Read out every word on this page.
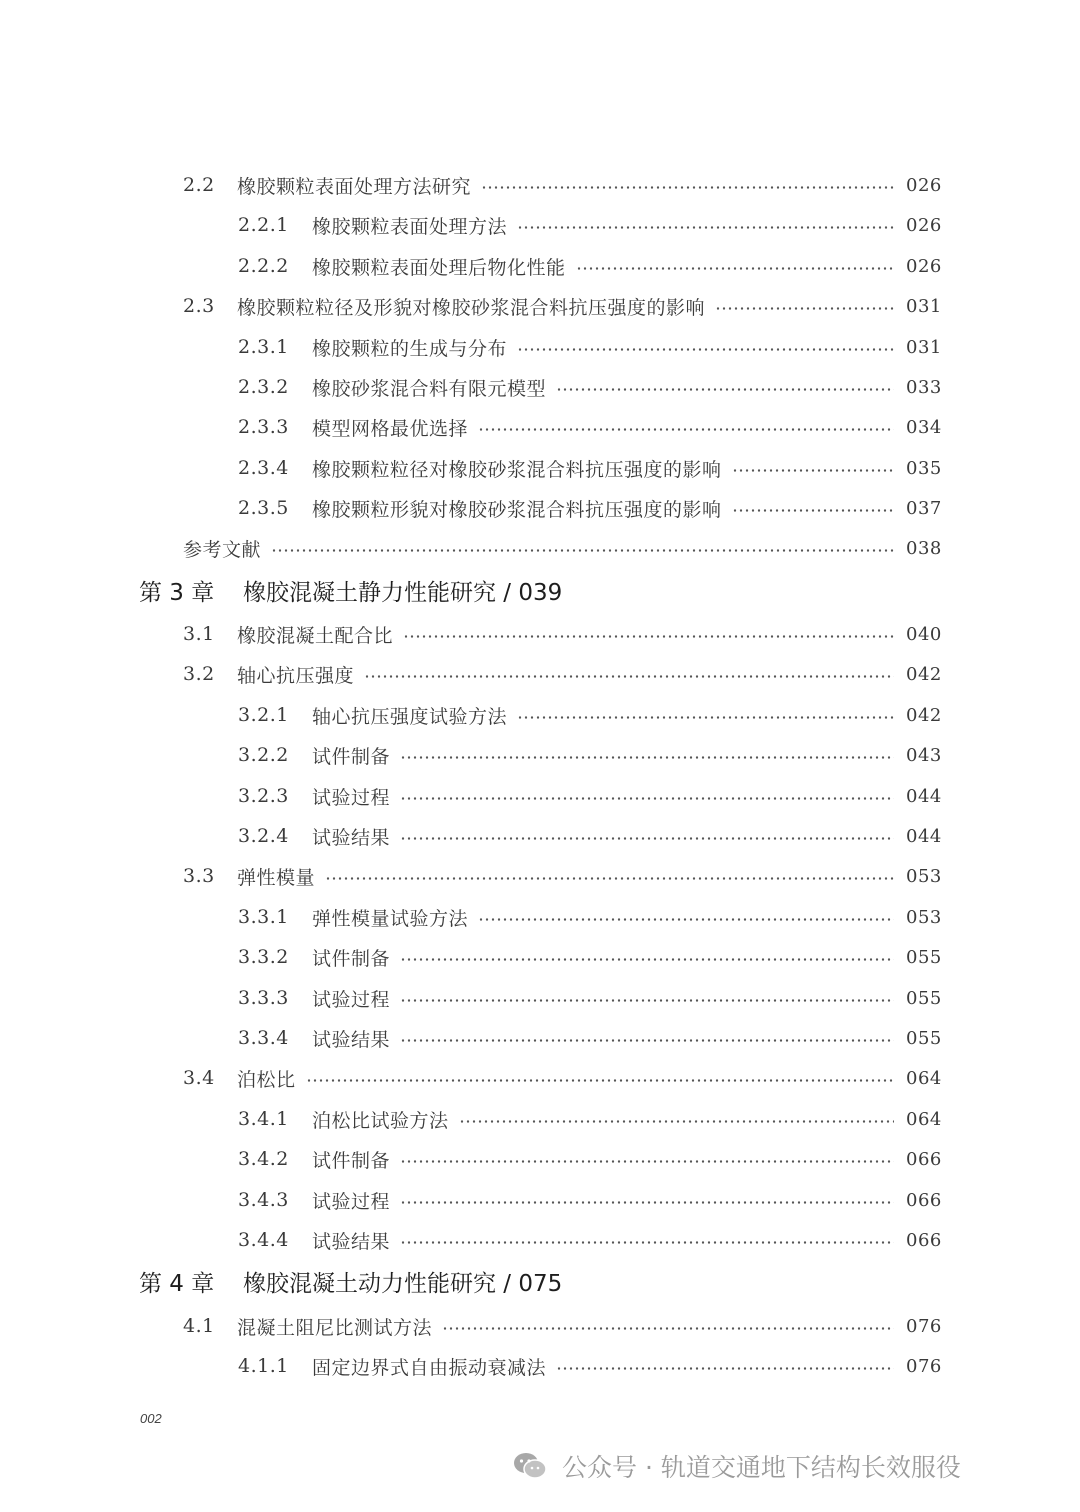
2.2	橡胶颗粒表面处理方法研究	026
2.2.1	橡胶颗粒表面处理方法	026
2.2.2	橡胶颗粒表面处理后物化性能	026
2.3	橡胶颗粒粒径及形貌对橡胶砂浆混合料抗压强度的影响	031
2.3.1	橡胶颗粒的生成与分布	031
2.3.2	橡胶砂浆混合料有限元模型	033
2.3.3	模型网格最优选择	034
2.3.4	橡胶颗粒粒径对橡胶砂浆混合料抗压强度的影响	035
2.3.5	橡胶颗粒形貌对橡胶砂浆混合料抗压强度的影响	037
参考文献	038
第 3 章	橡胶混凝土静力性能研究 / 039
3.1	橡胶混凝土配合比	040
3.2	轴心抗压强度	042
3.2.1	轴心抗压强度试验方法	042
3.2.2	试件制备	043
3.2.3	试验过程	044
3.2.4	试验结果	044
3.3	弹性模量	053
3.3.1	弹性模量试验方法	053
3.3.2	试件制备	055
3.3.3	试验过程	055
3.3.4	试验结果	055
3.4	泊松比	064
3.4.1	泊松比试验方法	064
3.4.2	试件制备	066
3.4.3	试验过程	066
3.4.4	试验结果	066
第 4 章	橡胶混凝土动力性能研究 / 075
4.1	混凝土阻尼比测试方法	076
4.1.1	固定边界式自由振动衰减法	076
002
公众号 · 轨道交通地下结构长效服役
